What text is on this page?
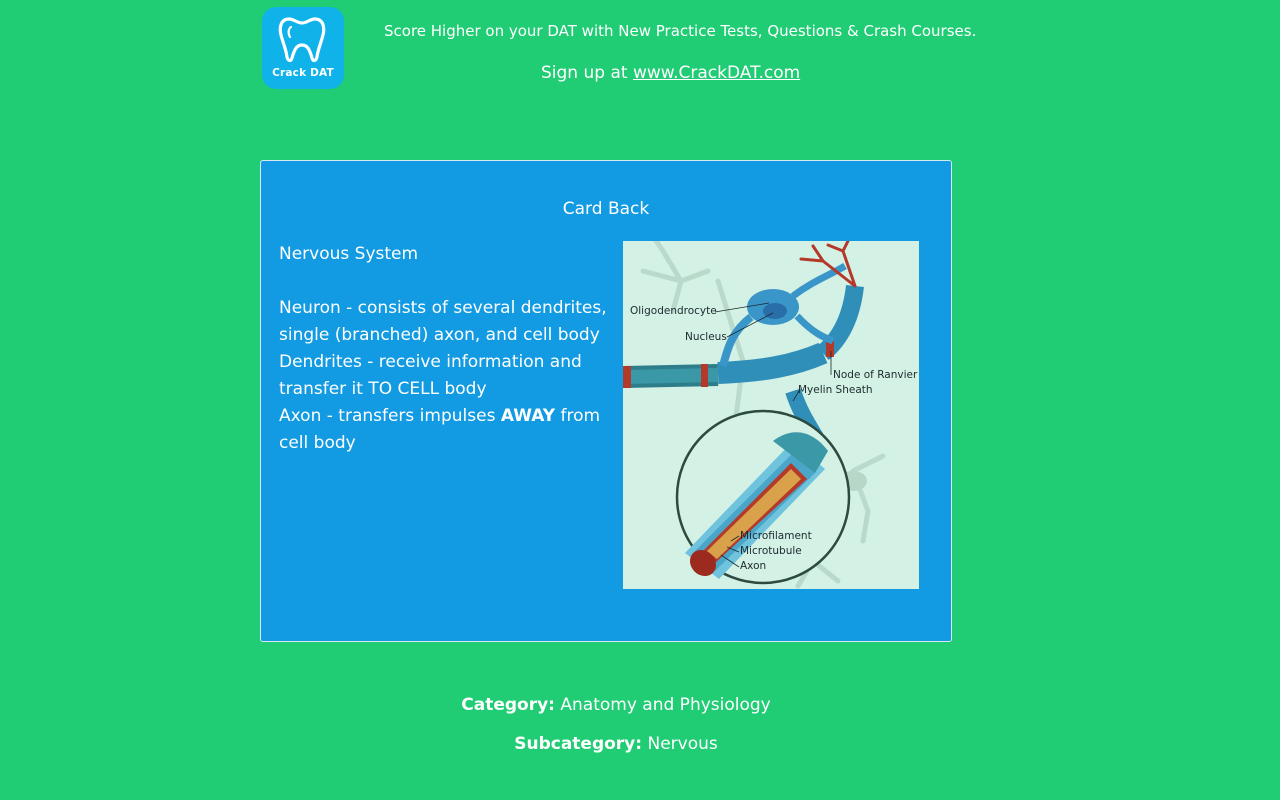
Crack DAT
Score Higher on your DAT with New Practice Tests, Questions & Crash Courses.
Sign up at www.CrackDAT.com
Card Back
Nervous System
Neuron - consists of several dendrites, single (branched) axon, and cell body
Dendrites - receive information and transfer it TO CELL body
Axon - transfers impulses AWAY from cell body
Oligodendrocyte
Nucleus
Node of Ranvier
Myelin Sheath
Microfilament
Microtubule
Axon
Category: Anatomy and Physiology
Subcategory: Nervous
